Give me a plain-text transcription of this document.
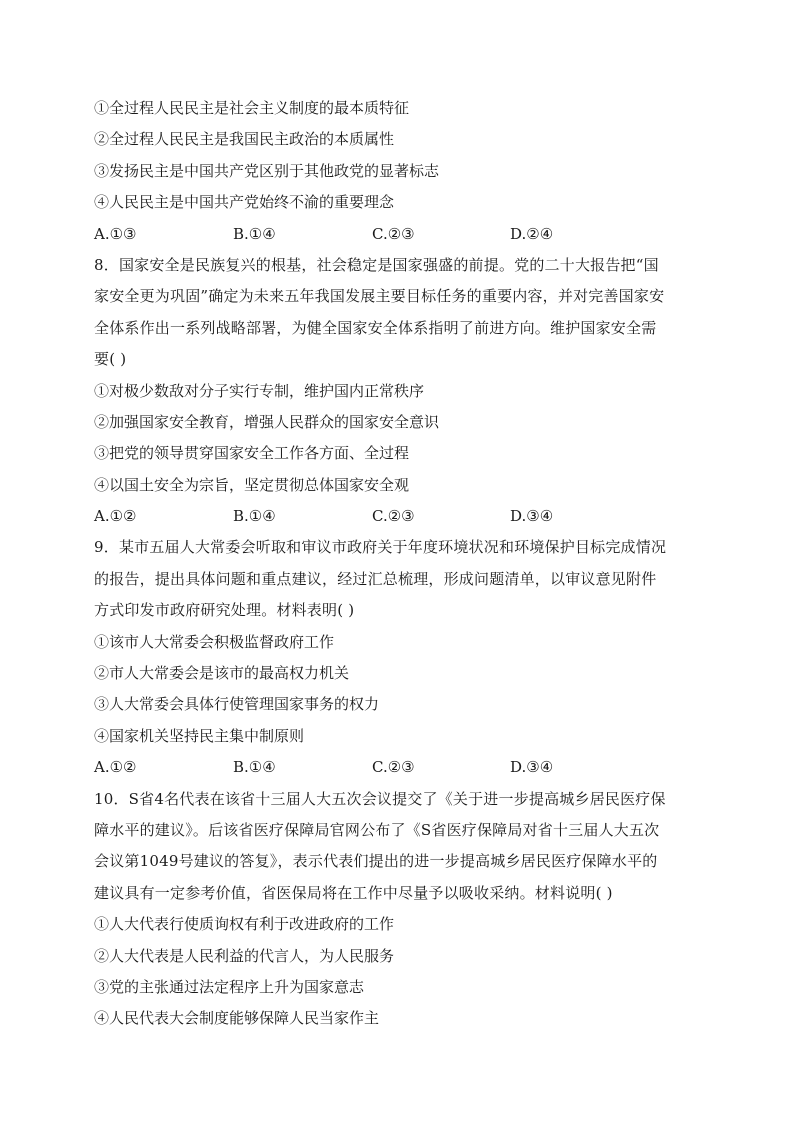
①全过程人民民主是社会主义制度的最本质特征
②全过程人民民主是我国民主政治的本质属性
③发扬民主是中国共产党区别于其他政党的显著标志
④人民民主是中国共产党始终不渝的重要理念
A.①③	B.①④	C.②③	D.②④
8．国家安全是民族复兴的根基，社会稳定是国家强盛的前提。党的二十大报告把“国
家安全更为巩固”确定为未来五年我国发展主要目标任务的重要内容，并对完善国家安
全体系作出一系列战略部署，为健全国家安全体系指明了前进方向。维护国家安全需
要( )
①对极少数敌对分子实行专制，维护国内正常秩序
②加强国家安全教育，增强人民群众的国家安全意识
③把党的领导贯穿国家安全工作各方面、全过程
④以国土安全为宗旨，坚定贯彻总体国家安全观
A.①②	B.①④	C.②③	D.③④
9．某市五届人大常委会听取和审议市政府关于年度环境状况和环境保护目标完成情况
的报告，提出具体问题和重点建议，经过汇总梳理，形成问题清单，以审议意见附件
方式印发市政府研究处理。材料表明( )
①该市人大常委会积极监督政府工作
②市人大常委会是该市的最高权力机关
③人大常委会具体行使管理国家事务的权力
④国家机关坚持民主集中制原则
A.①②	B.①④	C.②③	D.③④
10．S省4名代表在该省十三届人大五次会议提交了《关于进一步提高城乡居民医疗保
障水平的建议》。后该省医疗保障局官网公布了《S省医疗保障局对省十三届人大五次
会议第1049号建议的答复》，表示代表们提出的进一步提高城乡居民医疗保障水平的
建议具有一定参考价值，省医保局将在工作中尽量予以吸收采纳。材料说明( )
①人大代表行使质询权有利于改进政府的工作
②人大代表是人民利益的代言人，为人民服务
③党的主张通过法定程序上升为国家意志
④人民代表大会制度能够保障人民当家作主
